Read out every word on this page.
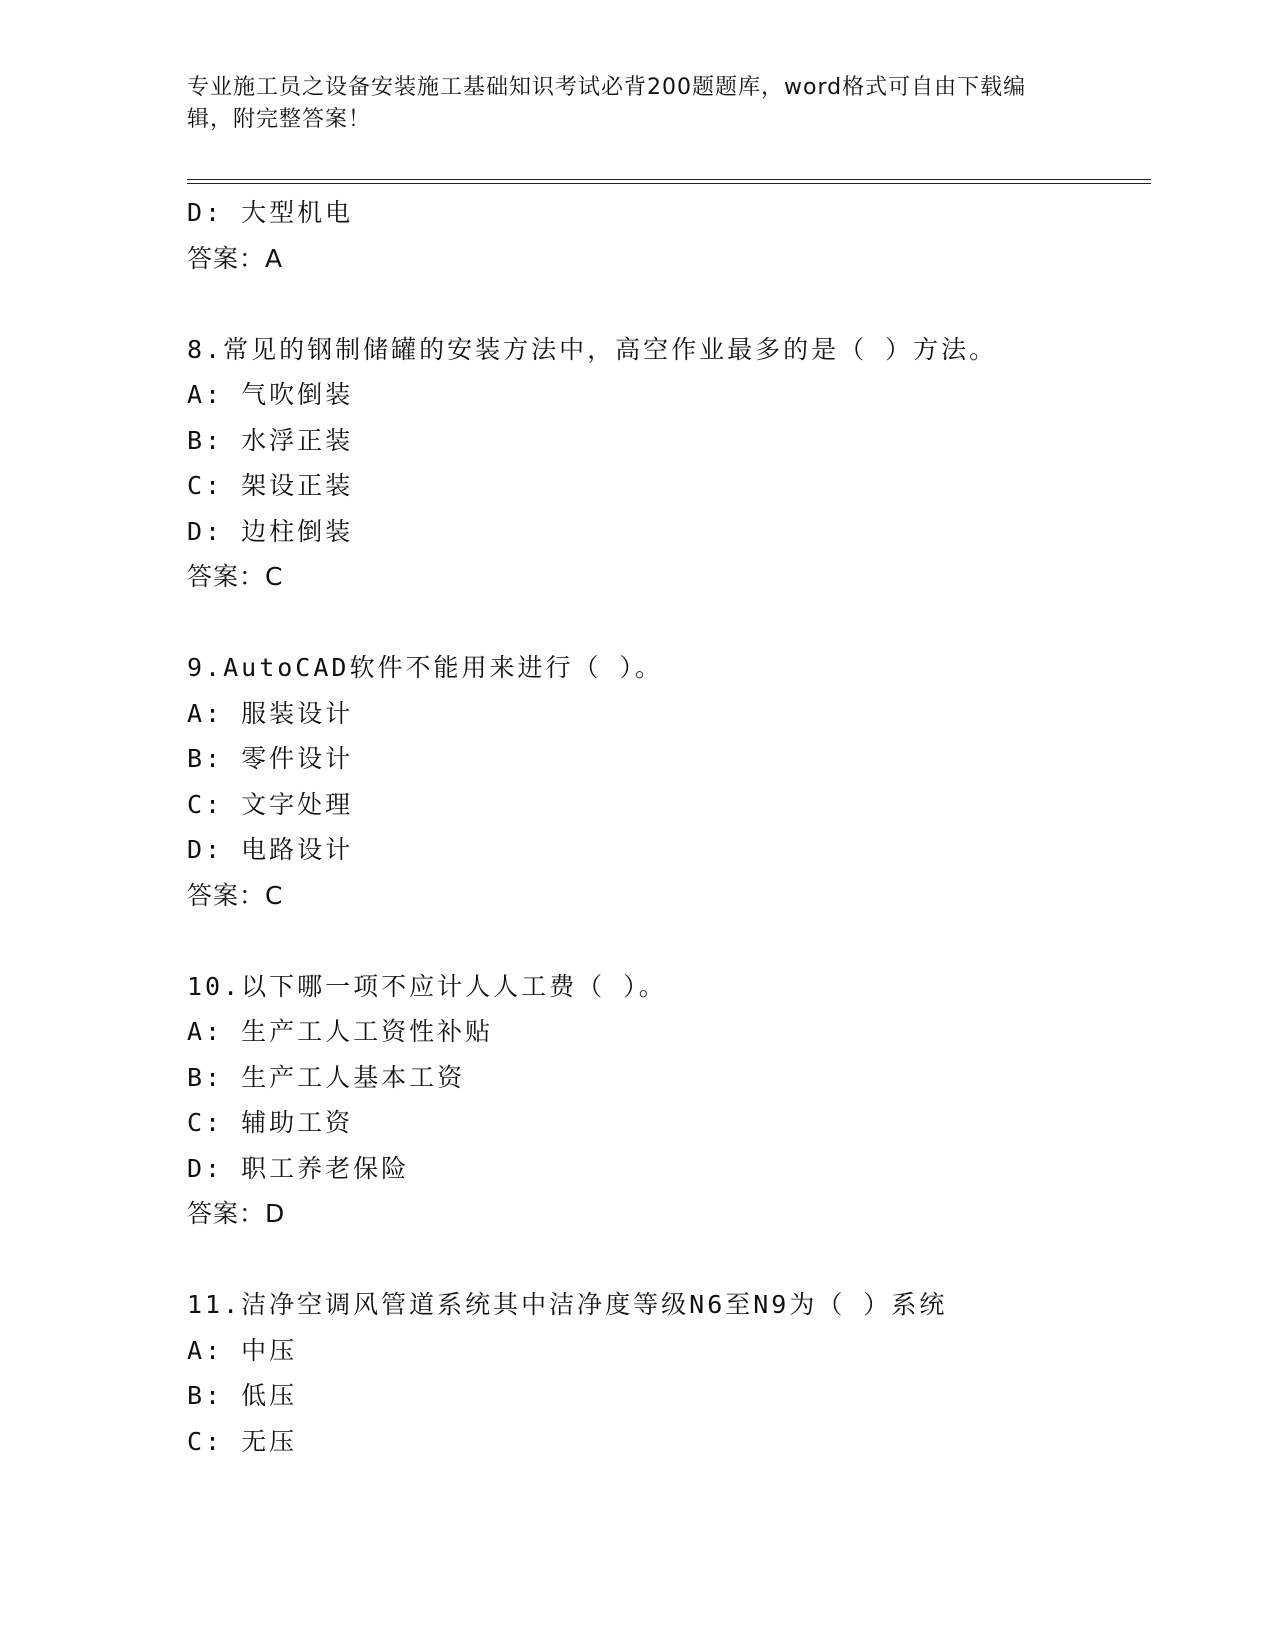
专业施工员之设备安装施工基础知识考试必背200题题库，word格式可自由下载编辑，附完整答案！
D: 大型机电
答案：A
8.常见的钢制储罐的安装方法中，高空作业最多的是（ ）方法。
A: 气吹倒装
B: 水浮正装
C: 架设正装
D: 边柱倒装
答案：C
9.AutoCAD软件不能用来进行（ ）。
A: 服装设计
B: 零件设计
C: 文字处理
D: 电路设计
答案：C
10.以下哪一项不应计人人工费（ ）。
A: 生产工人工资性补贴
B: 生产工人基本工资
C: 辅助工资
D: 职工养老保险
答案：D
11.洁净空调风管道系统其中洁净度等级N6至N9为（ ）系统
A: 中压
B: 低压
C: 无压
